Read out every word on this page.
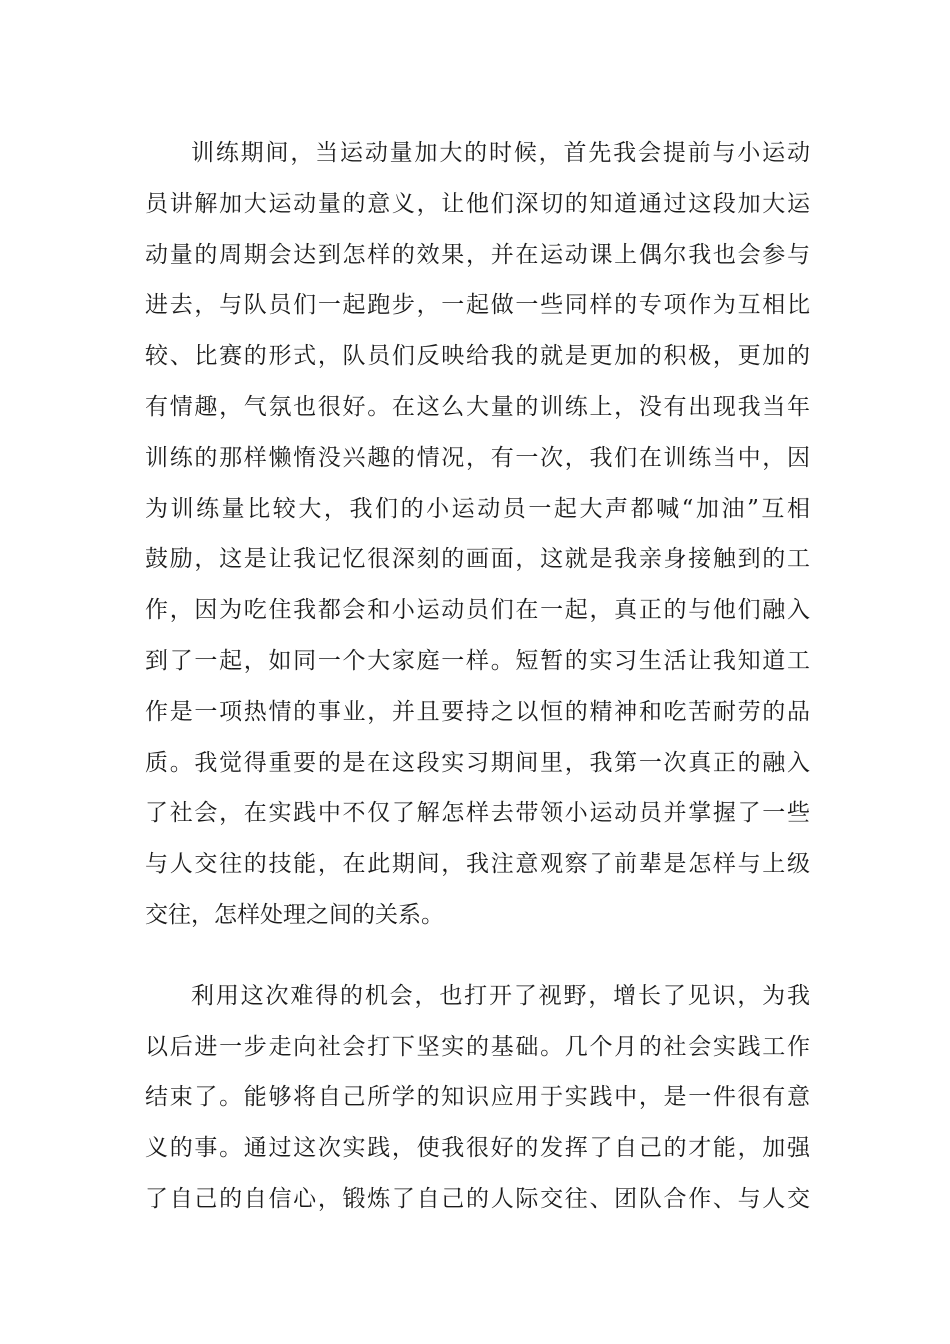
训练期间，当运动量加大的时候，首先我会提前与小运动
员讲解加大运动量的意义，让他们深切的知道通过这段加大运
动量的周期会达到怎样的效果，并在运动课上偶尔我也会参与
进去，与队员们一起跑步，一起做一些同样的专项作为互相比
较、比赛的形式，队员们反映给我的就是更加的积极，更加的
有情趣，气氛也很好。在这么大量的训练上，没有出现我当年
训练的那样懒惰没兴趣的情况，有一次，我们在训练当中，因
为训练量比较大，我们的小运动员一起大声都喊“加油”互相
鼓励，这是让我记忆很深刻的画面，这就是我亲身接触到的工
作，因为吃住我都会和小运动员们在一起，真正的与他们融入
到了一起，如同一个大家庭一样。短暂的实习生活让我知道工
作是一项热情的事业，并且要持之以恒的精神和吃苦耐劳的品
质。我觉得重要的是在这段实习期间里，我第一次真正的融入
了社会，在实践中不仅了解怎样去带领小运动员并掌握了一些
与人交往的技能，在此期间，我注意观察了前辈是怎样与上级
交往，怎样处理之间的关系。
利用这次难得的机会，也打开了视野，增长了见识，为我
以后进一步走向社会打下坚实的基础。几个月的社会实践工作
结束了。能够将自己所学的知识应用于实践中，是一件很有意
义的事。通过这次实践，使我很好的发挥了自己的才能，加强
了自己的自信心，锻炼了自己的人际交往、团队合作、与人交
